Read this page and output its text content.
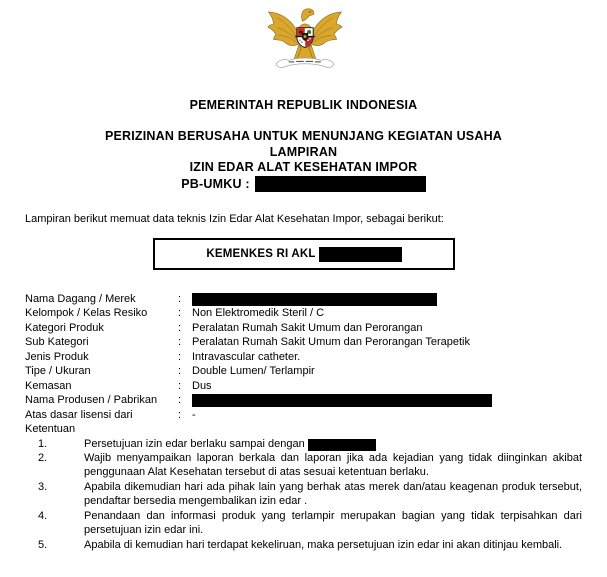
PEMERINTAH REPUBLIK INDONESIA
PERIZINAN BERUSAHA UNTUK MENUNJANG KEGIATAN USAHA
LAMPIRAN
IZIN EDAR ALAT KESEHATAN IMPOR
PB-UMKU :
Lampiran berikut memuat data teknis Izin Edar Alat Kesehatan Impor, sebagai berikut:
KEMENKES RI AKL
Nama Dagang / Merek	:
Kelompok / Kelas Resiko	: Non Elektromedik Steril / C
Kategori Produk	: Peralatan Rumah Sakit Umum dan Perorangan
Sub Kategori	: Peralatan Rumah Sakit Umum dan Perorangan Terapetik
Jenis Produk	: Intravascular catheter.
Tipe / Ukuran	: Double Lumen/ Terlampir
Kemasan	: Dus
Nama Produsen / Pabrikan :
Atas dasar lisensi dari	: -
Ketentuan
1.	Persetujuan izin edar berlaku sampai dengan
2.	Wajib menyampaikan laporan berkala dan laporan jika ada kejadian yang tidak diinginkan akibat
penggunaan Alat Kesehatan tersebut di atas sesuai ketentuan berlaku.
3.	Apabila dikemudian hari ada pihak lain yang berhak atas merek dan/atau keagenan produk tersebut,
pendaftar bersedia mengembalikan izin edar .
4.	Penandaan dan informasi produk yang terlampir merupakan bagian yang tidak terpisahkan dari
persetujuan izin edar ini.
5.	Apabila di kemudian hari terdapat kekeliruan, maka persetujuan izin edar ini akan ditinjau kembali.
